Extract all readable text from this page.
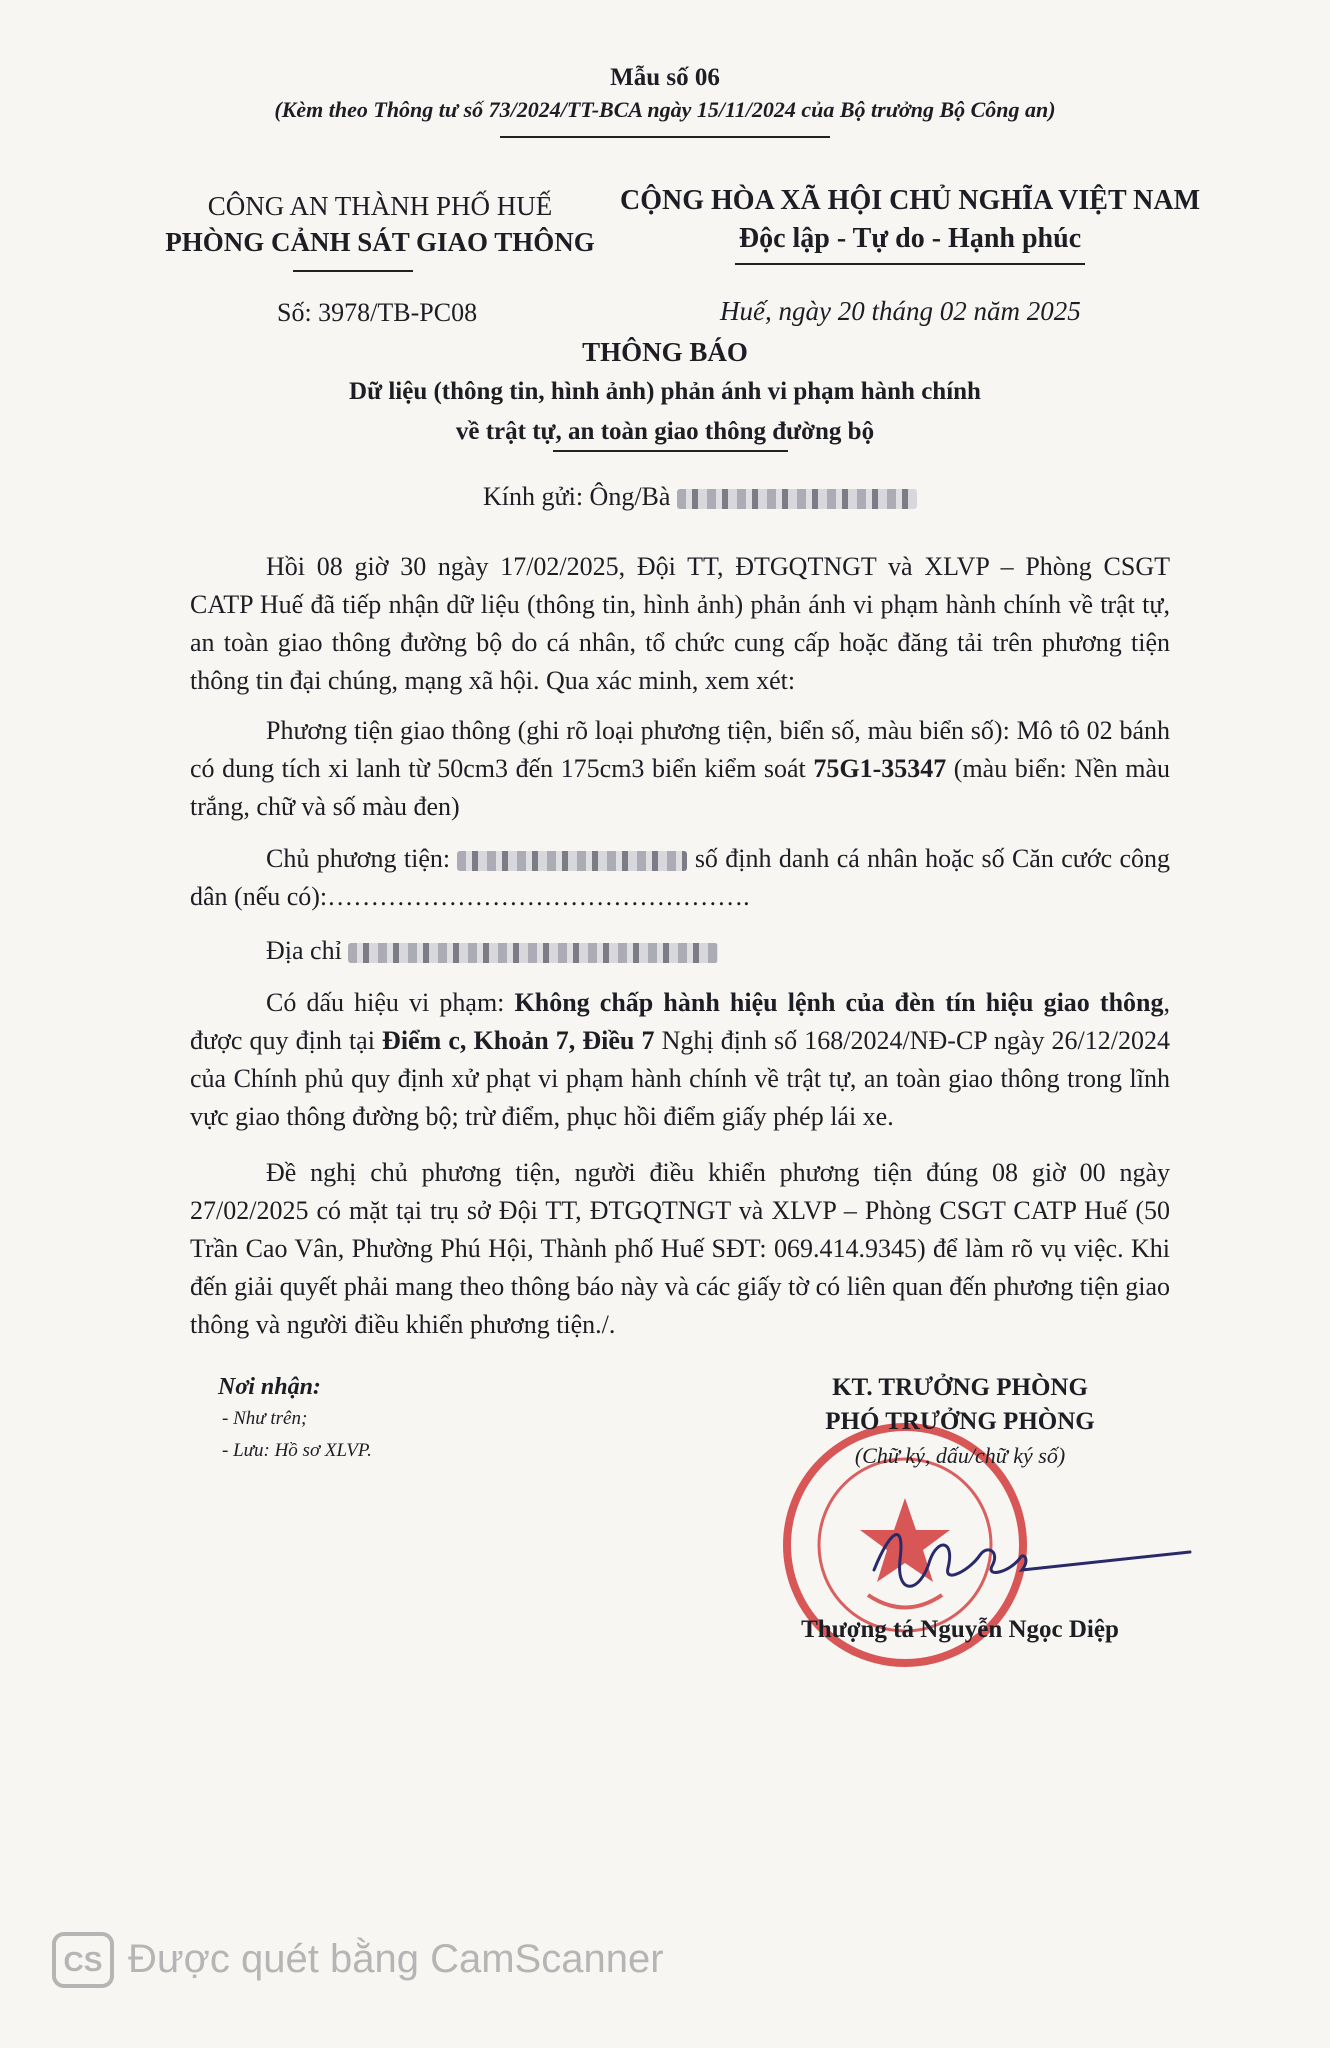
Mẫu số 06
(Kèm theo Thông tư số 73/2024/TT-BCA ngày 15/11/2024 của Bộ trưởng Bộ Công an)
CÔNG AN THÀNH PHỐ HUẾ
PHÒNG CẢNH SÁT GIAO THÔNG
CỘNG HÒA XÃ HỘI CHỦ NGHĨA VIỆT NAM
Độc lập - Tự do - Hạnh phúc
Số: 3978/TB-PC08	Huế, ngày 20 tháng 02 năm 2025
THÔNG BÁO
Dữ liệu (thông tin, hình ảnh) phản ánh vi phạm hành chính
về trật tự, an toàn giao thông đường bộ
Kính gửi: Ông/Bà
Hồi 08 giờ 30 ngày 17/02/2025, Đội TT, ĐTGQTNGT và XLVP – Phòng CSGT CATP Huế đã tiếp nhận dữ liệu (thông tin, hình ảnh) phản ánh vi phạm hành chính về trật tự, an toàn giao thông đường bộ do cá nhân, tổ chức cung cấp hoặc đăng tải trên phương tiện thông tin đại chúng, mạng xã hội. Qua xác minh, xem xét:
Phương tiện giao thông (ghi rõ loại phương tiện, biển số, màu biển số): Mô tô 02 bánh có dung tích xi lanh từ 50cm3 đến 175cm3 biển kiểm soát 75G1-35347 (màu biển: Nền màu trắng, chữ và số màu đen)
Chủ phương tiện:	số định danh cá nhân hoặc số Căn cước công dân (nếu có):………………………………………….
Địa chỉ
Có dấu hiệu vi phạm: Không chấp hành hiệu lệnh của đèn tín hiệu giao thông, được quy định tại Điểm c, Khoản 7, Điều 7 Nghị định số 168/2024/NĐ-CP ngày 26/12/2024 của Chính phủ quy định xử phạt vi phạm hành chính về trật tự, an toàn giao thông trong lĩnh vực giao thông đường bộ; trừ điểm, phục hồi điểm giấy phép lái xe.
Đề nghị chủ phương tiện, người điều khiển phương tiện đúng 08 giờ 00 ngày 27/02/2025 có mặt tại trụ sở Đội TT, ĐTGQTNGT và XLVP – Phòng CSGT CATP Huế (50 Trần Cao Vân, Phường Phú Hội, Thành phố Huế SĐT: 069.414.9345) để làm rõ vụ việc. Khi đến giải quyết phải mang theo thông báo này và các giấy tờ có liên quan đến phương tiện giao thông và người điều khiển phương tiện./.
Nơi nhận:
- Như trên;
- Lưu: Hồ sơ XLVP.
KT. TRƯỞNG PHÒNG
PHÓ TRƯỞNG PHÒNG
(Chữ ký, dấu/chữ ký số)
Thượng tá Nguyễn Ngọc Diệp
CS Được quét bằng CamScanner
